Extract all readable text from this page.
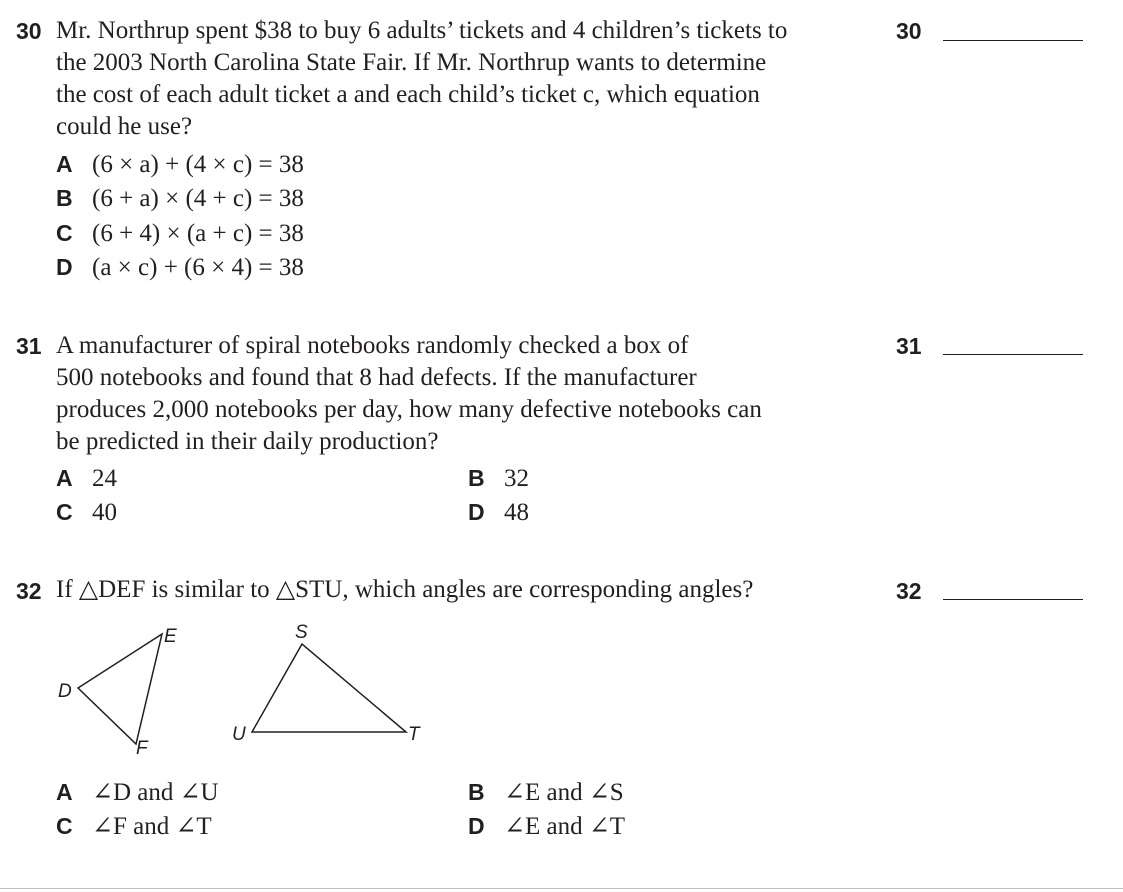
30 Mr. Northrup spent $38 to buy 6 adults’ tickets and 4 children’s tickets to
the 2003 North Carolina State Fair. If Mr. Northrup wants to determine
the cost of each adult ticket a and each child’s ticket c, which equation
could he use?
A (6 × a) + (4 × c) = 38
B (6 + a) × (4 + c) = 38
C (6 + 4) × (a + c) = 38
D (a × c) + (6 × 4) = 38
30
31 A manufacturer of spiral notebooks randomly checked a box of
500 notebooks and found that 8 had defects. If the manufacturer
produces 2,000 notebooks per day, how many defective notebooks can
be predicted in their daily production?
A 24	B 32
C 40	D 48
31
32 If △DEF is similar to △STU, which angles are corresponding angles?	32
D
E
F
S
U	T
A ∠D and ∠U	B ∠E and ∠S
C ∠F and ∠T	D ∠E and ∠T
